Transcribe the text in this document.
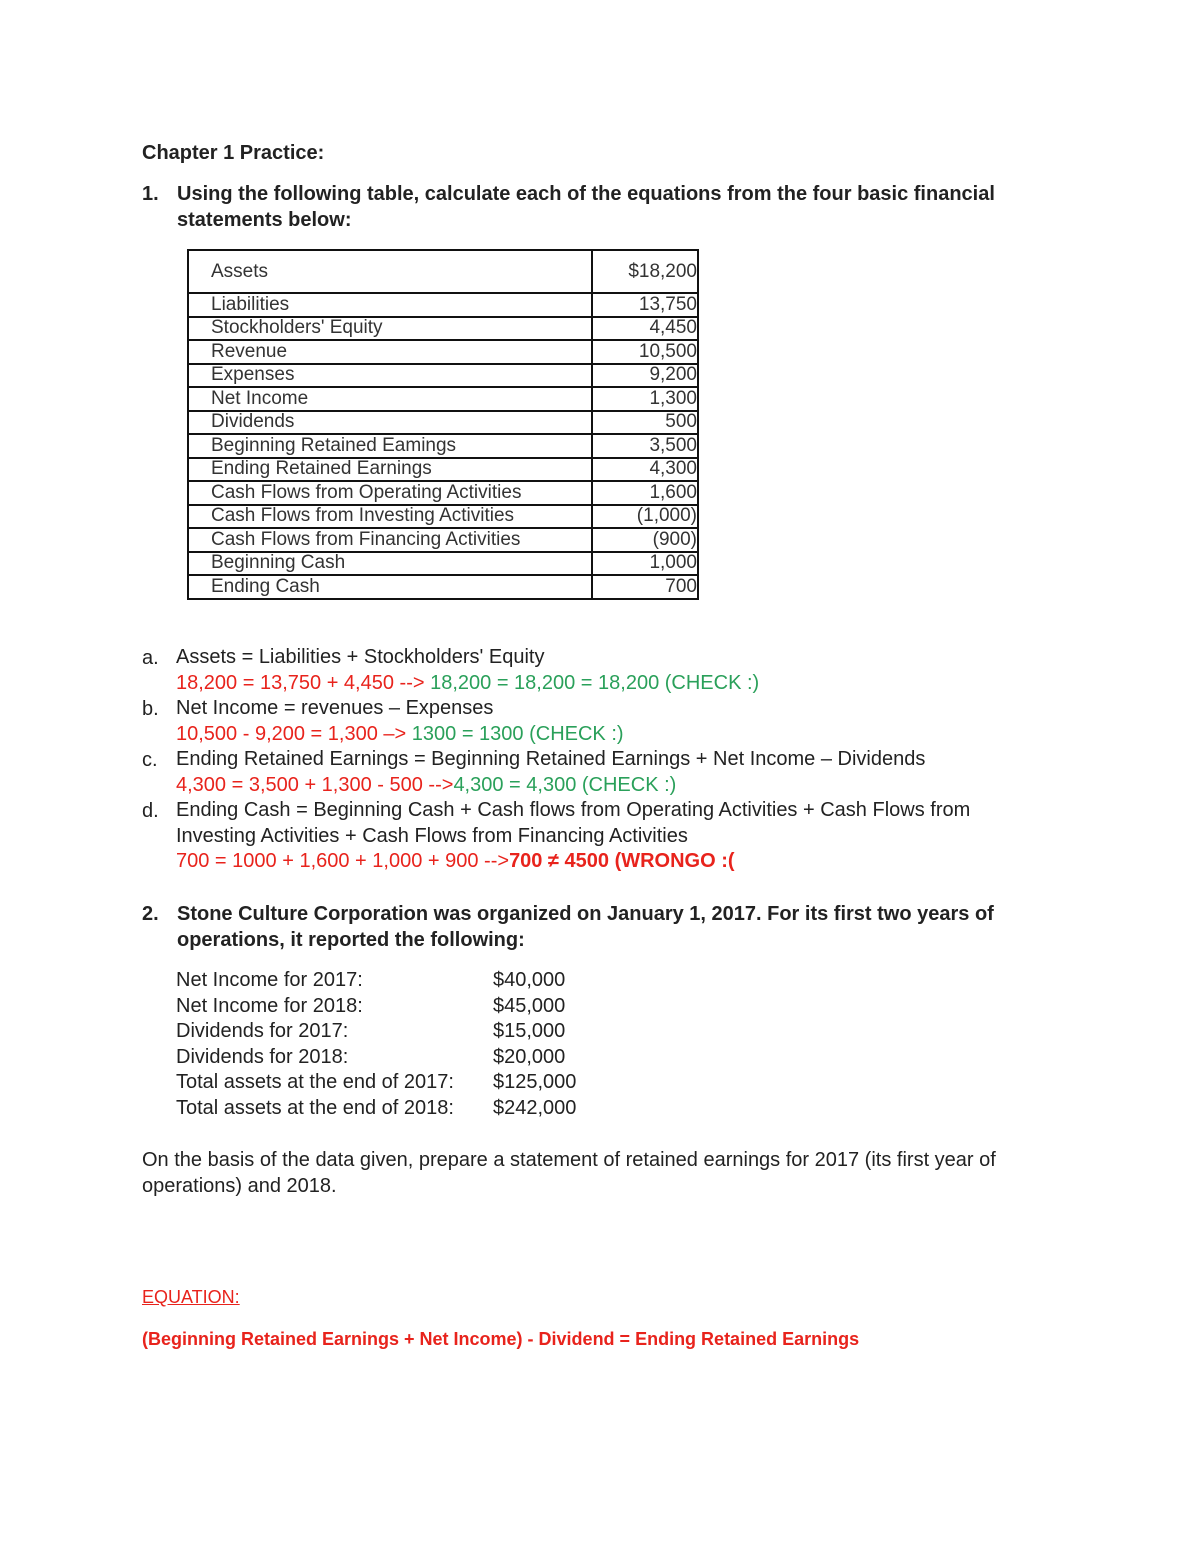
Chapter 1 Practice:
1. Using the following table, calculate each of the equations from the four basic financial statements below:
Assets	$18,200
Liabilities	13,750
Stockholders' Equity	4,450
Revenue	10,500
Expenses	9,200
Net Income	1,300
Dividends	500
Beginning Retained Eamings	3,500
Ending Retained Earnings	4,300
Cash Flows from Operating Activities	1,600
Cash Flows from Investing Activities	(1,000)
Cash Flows from Financing Activities	(900)
Beginning Cash	1,000
Ending Cash	700
a. Assets = Liabilities + Stockholders' Equity
18,200 = 13,750 + 4,450 --> 18,200 = 18,200 = 18,200 (CHECK :)
b. Net Income = revenues – Expenses
10,500 - 9,200 = 1,300 –> 1300 = 1300 (CHECK :)
c. Ending Retained Earnings = Beginning Retained Earnings + Net Income – Dividends
4,300 = 3,500 + 1,300 - 500 -->4,300 = 4,300 (CHECK :)
d. Ending Cash = Beginning Cash + Cash flows from Operating Activities + Cash Flows from
Investing Activities + Cash Flows from Financing Activities
700 = 1000 + 1,600 + 1,000 + 900 -->700 ≠ 4500 (WRONGO :(
2. Stone Culture Corporation was organized on January 1, 2017. For its first two years of operations, it reported the following:
Net Income for 2017:	$40,000
Net Income for 2018:	$45,000
Dividends for 2017:	$15,000
Dividends for 2018:	$20,000
Total assets at the end of 2017:	$125,000
Total assets at the end of 2018:	$242,000
On the basis of the data given, prepare a statement of retained earnings for 2017 (its first year of operations) and 2018.
EQUATION:
(Beginning Retained Earnings + Net Income) - Dividend = Ending Retained Earnings
